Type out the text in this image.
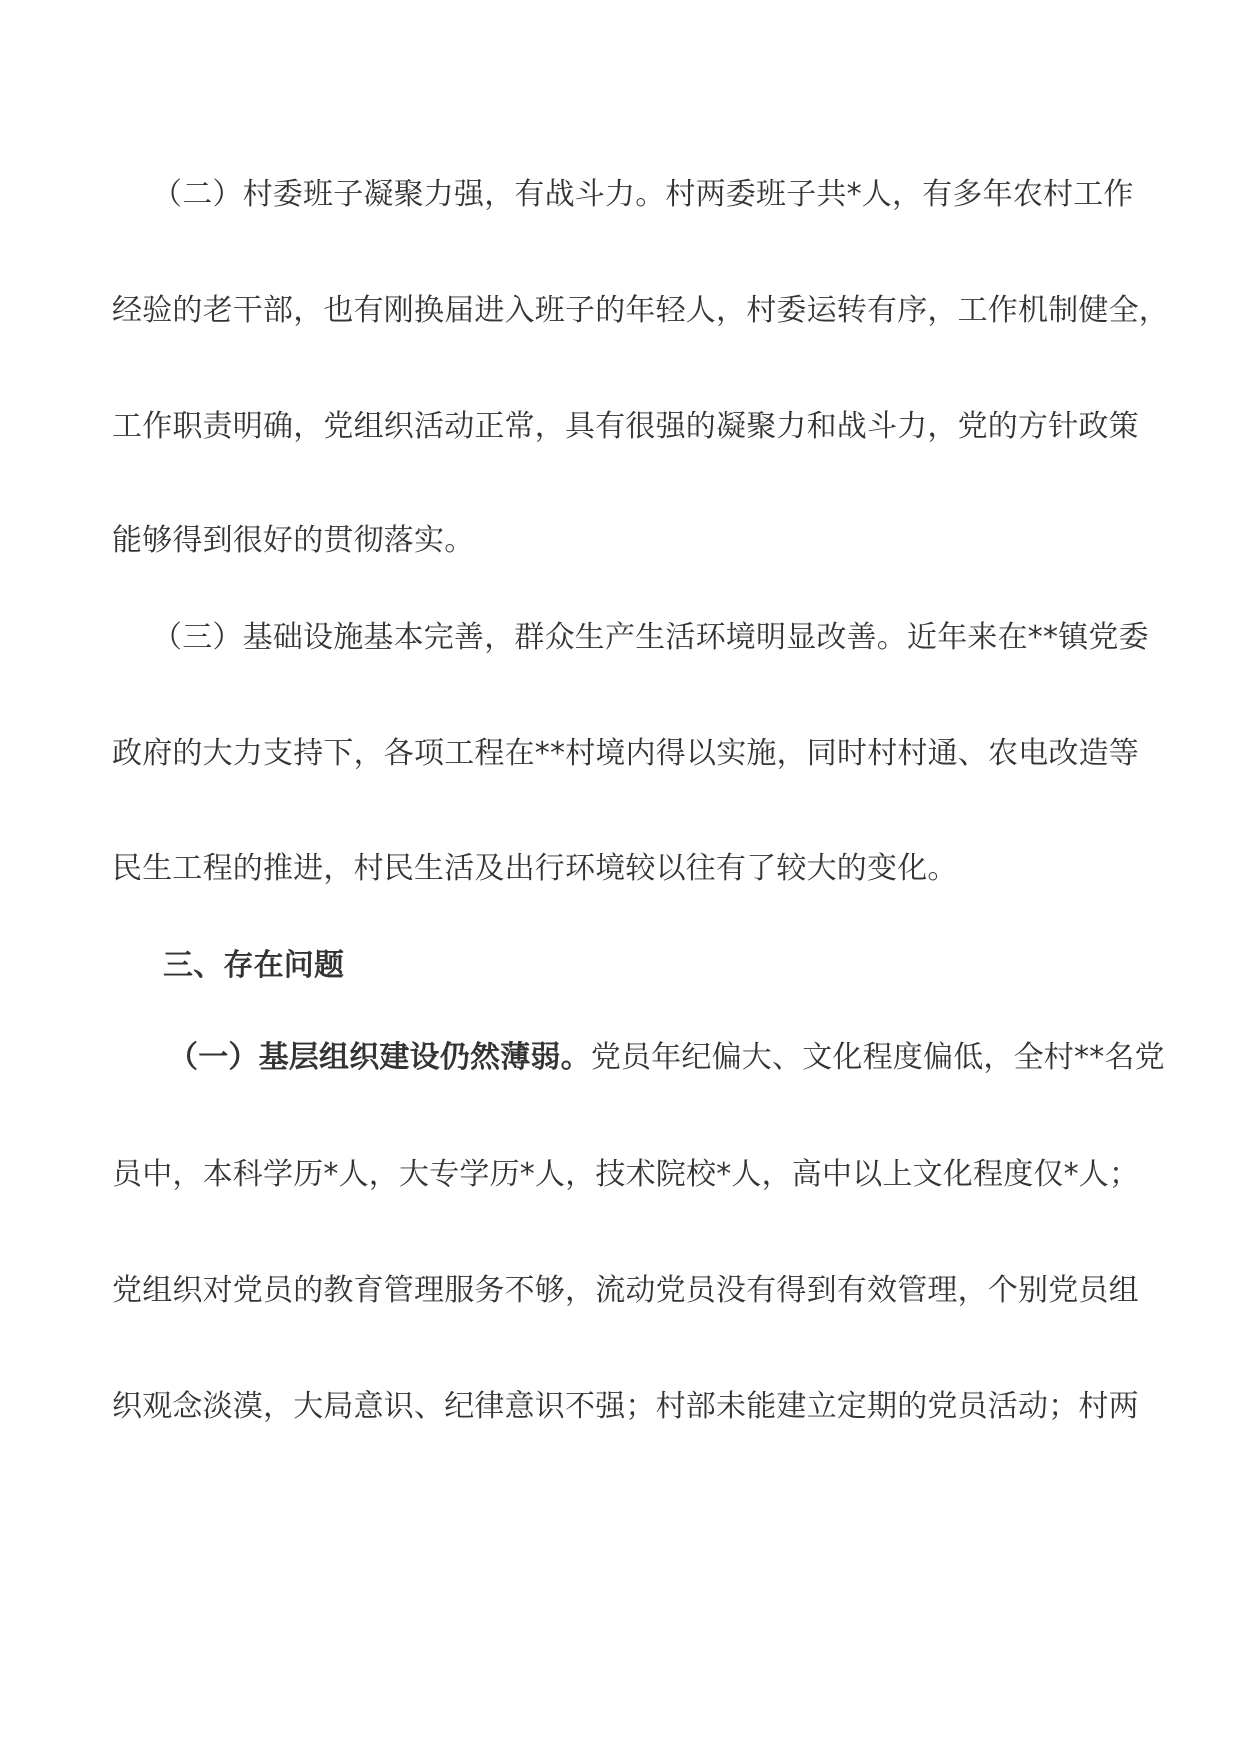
（二）村委班子凝聚力强，有战斗力。村两委班子共*人，有多年农村工作
经验的老干部，也有刚换届进入班子的年轻人，村委运转有序，工作机制健全，
工作职责明确，党组织活动正常，具有很强的凝聚力和战斗力，党的方针政策
能够得到很好的贯彻落实。
（三）基础设施基本完善，群众生产生活环境明显改善。近年来在**镇党委
政府的大力支持下，各项工程在**村境内得以实施，同时村村通、农电改造等
民生工程的推进，村民生活及出行环境较以往有了较大的变化。
三、存在问题
（一）基层组织建设仍然薄弱。 党员年纪偏大、文化程度偏低，全村**名党
员中，本科学历*人，大专学历*人，技术院校*人，高中以上文化程度仅*人；
党组织对党员的教育管理服务不够，流动党员没有得到有效管理，个别党员组
织观念淡漠，大局意识、纪律意识不强；村部未能建立定期的党员活动；村两
